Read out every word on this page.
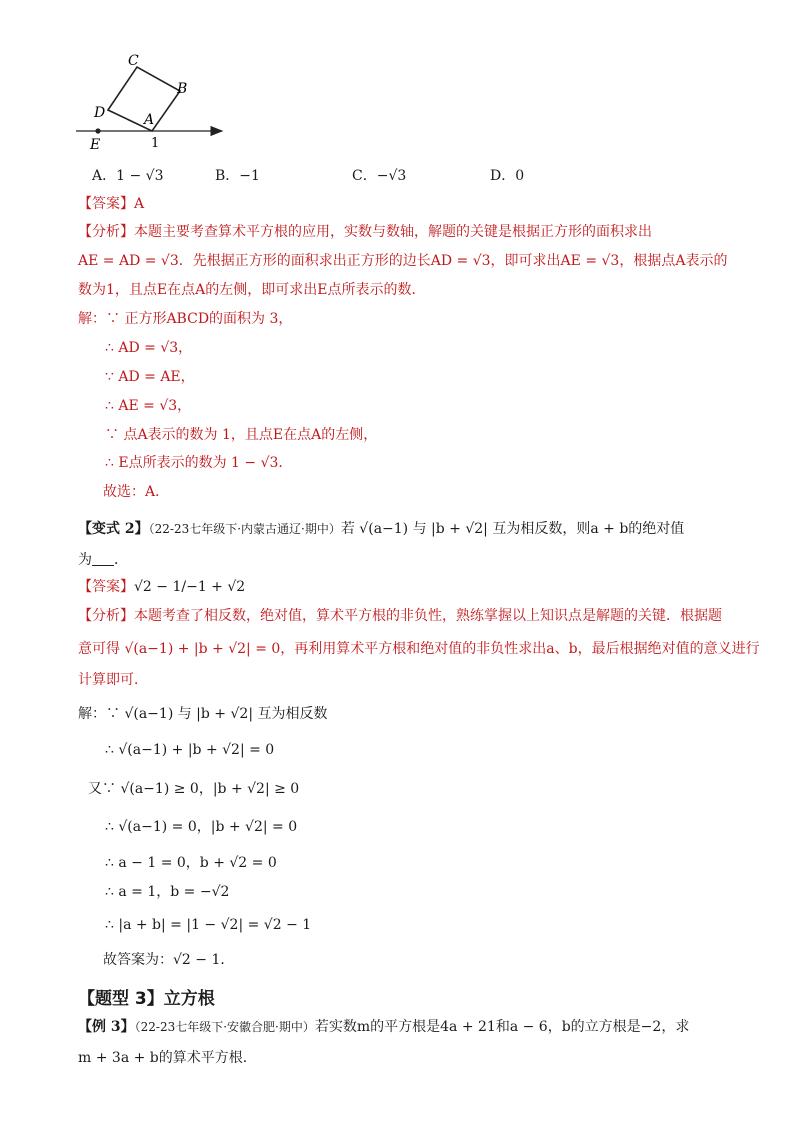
C
B
D	A
E	1
A．1 − √3	B．−1	C．−√3	D．0
【答案】A
【分析】本题主要考查算术平方根的应用，实数与数轴，解题的关键是根据正方形的面积求出
AE = AD = √3．先根据正方形的面积求出正方形的边长AD = √3，即可求出AE = √3，根据点A表示的
数为1，且点E在点A的左侧，即可求出E点所表示的数．
解：∵ 正方形ABCD的面积为 3，
∴ AD = √3，
∵ AD = AE，
∴ AE = √3，
∵ 点A表示的数为 1，且点E在点A的左侧，
∴ E点所表示的数为 1 − √3．
故选：A．
【变式 2】（22-23七年级下·内蒙古通辽·期中）若 √(a−1) 与 |b + √2| 互为相反数，则a + b的绝对值
为 ．
【答案】√2 − 1/−1 + √2
【分析】本题考查了相反数，绝对值，算术平方根的非负性，熟练掌握以上知识点是解题的关键．根据题
意可得 √(a−1) + |b + √2| = 0，再利用算术平方根和绝对值的非负性求出a、b，最后根据绝对值的意义进行
计算即可．
解：∵ √(a−1) 与 |b + √2| 互为相反数
∴ √(a−1) + |b + √2| = 0
又∵ √(a−1) ≥ 0，|b + √2| ≥ 0
∴ √(a−1) = 0，|b + √2| = 0
∴ a − 1 = 0，b + √2 = 0
∴ a = 1，b = −√2
∴ |a + b| = |1 − √2| = √2 − 1
故答案为：√2 − 1．
【题型 3】立方根
【例 3】（22-23七年级下·安徽合肥·期中）若实数m的平方根是4a + 21和a − 6，b的立方根是−2，求
m + 3a + b的算术平方根．
